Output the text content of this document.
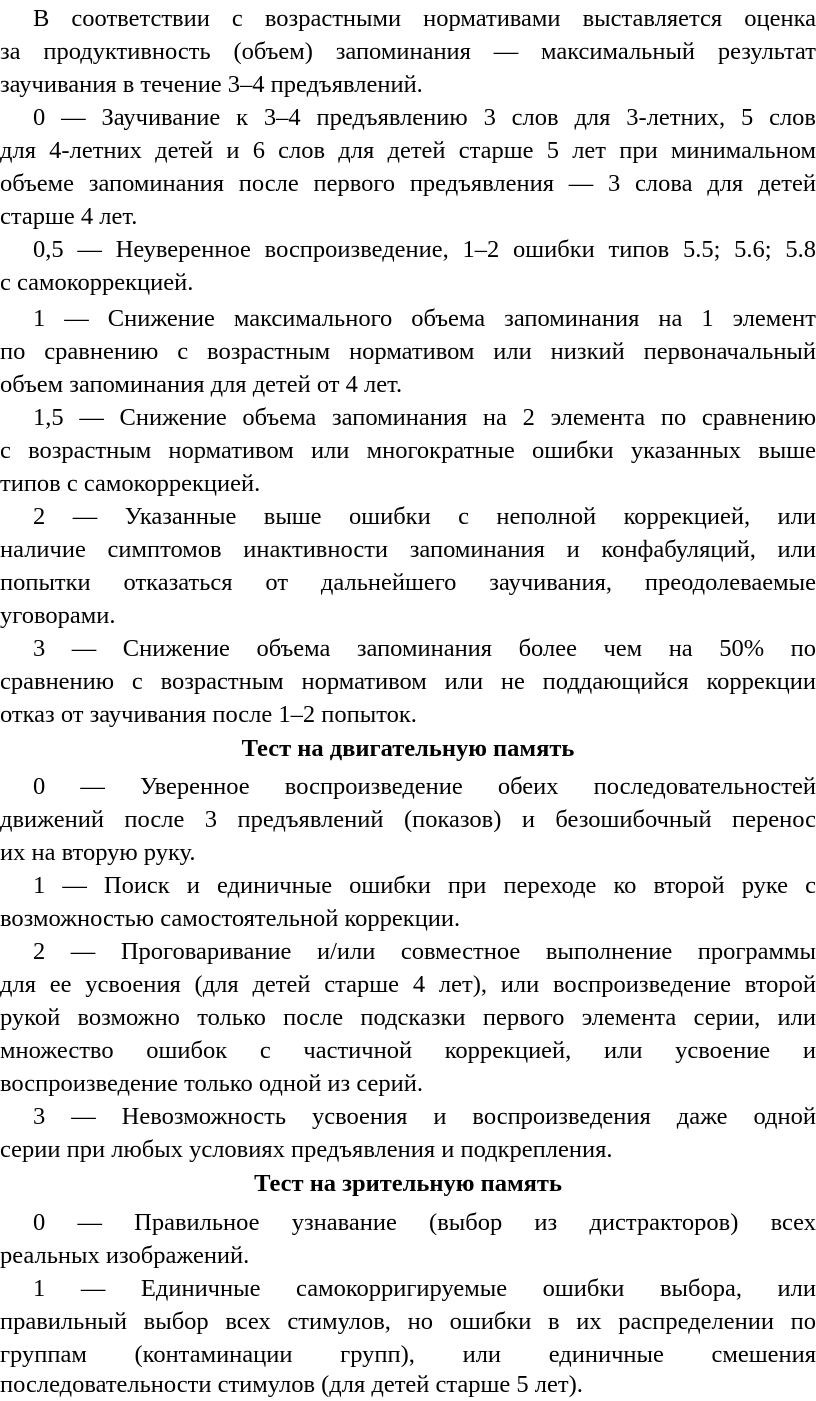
В соответствии с возрастными нормативами выставляется оценка
за продуктивность (объем) запоминания — максимальный результат
заучивания в течение 3–4 предъявлений.
0 — Заучивание к 3–4 предъявлению 3 слов для 3-летних, 5 слов
для 4-летних детей и 6 слов для детей старше 5 лет при минимальном
объеме запоминания после первого предъявления — 3 слова для детей
старше 4 лет.
0,5 — Неуверенное воспроизведение, 1–2 ошибки типов 5.5; 5.6; 5.8
с самокоррекцией.
1 — Снижение максимального объема запоминания на 1 элемент
по сравнению с возрастным нормативом или низкий первоначальный
объем запоминания для детей от 4 лет.
1,5 — Снижение объема запоминания на 2 элемента по сравнению
с возрастным нормативом или многократные ошибки указанных выше
типов с самокоррекцией.
2 — Указанные выше ошибки с неполной коррекцией, или
наличие симптомов инактивности запоминания и конфабуляций, или
попытки отказаться от дальнейшего заучивания, преодолеваемые
уговорами.
3 — Снижение объема запоминания более чем на 50% по
сравнению с возрастным нормативом или не поддающийся коррекции
отказ от заучивания после 1–2 попыток.
Тест на двигательную память
0 — Уверенное воспроизведение обеих последовательностей
движений после 3 предъявлений (показов) и безошибочный перенос
их на вторую руку.
1 — Поиск и единичные ошибки при переходе ко второй руке с
возможностью самостоятельной коррекции.
2 — Проговаривание и/или совместное выполнение программы
для ее усвоения (для детей старше 4 лет), или воспроизведение второй
рукой возможно только после подсказки первого элемента серии, или
множество ошибок с частичной коррекцией, или усвоение и
воспроизведение только одной из серий.
3 — Невозможность усвоения и воспроизведения даже одной
серии при любых условиях предъявления и подкрепления.
Тест на зрительную память
0 — Правильное узнавание (выбор из дистракторов) всех
реальных изображений.
1 — Единичные самокорригируемые ошибки выбора, или
правильный выбор всех стимулов, но ошибки в их распределении по
группам (контаминации групп), или единичные смешения
последовательности стимулов (для детей старше 5 лет).
